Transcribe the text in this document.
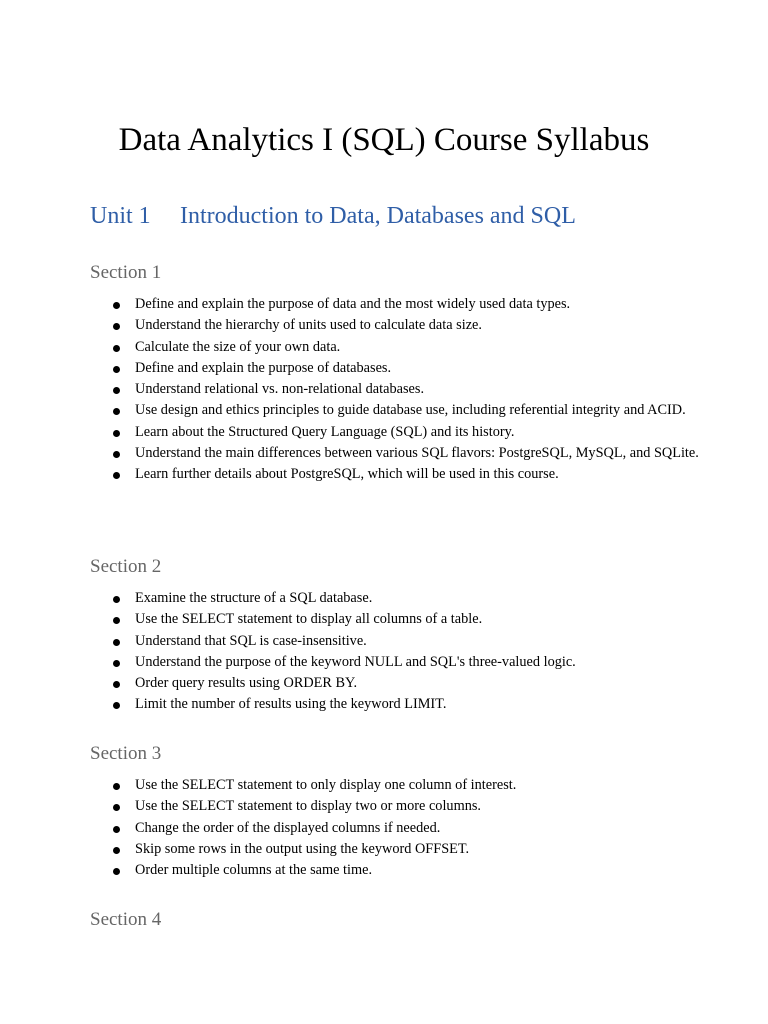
Data Analytics I (SQL) Course Syllabus
Unit 1 Introduction to Data, Databases and SQL
Section 1
Define and explain the purpose of data and the most widely used data types.
Understand the hierarchy of units used to calculate data size.
Calculate the size of your own data.
Define and explain the purpose of databases.
Understand relational vs. non-relational databases.
Use design and ethics principles to guide database use, including referential integrity and ACID.
Learn about the Structured Query Language (SQL) and its history.
Understand the main differences between various SQL flavors: PostgreSQL, MySQL, and SQLite.
Learn further details about PostgreSQL, which will be used in this course.
Section 2
Examine the structure of a SQL database.
Use the SELECT statement to display all columns of a table.
Understand that SQL is case-insensitive.
Understand the purpose of the keyword NULL and SQL's three-valued logic.
Order query results using ORDER BY.
Limit the number of results using the keyword LIMIT.
Section 3
Use the SELECT statement to only display one column of interest.
Use the SELECT statement to display two or more columns.
Change the order of the displayed columns if needed.
Skip some rows in the output using the keyword OFFSET.
Order multiple columns at the same time.
Section 4
